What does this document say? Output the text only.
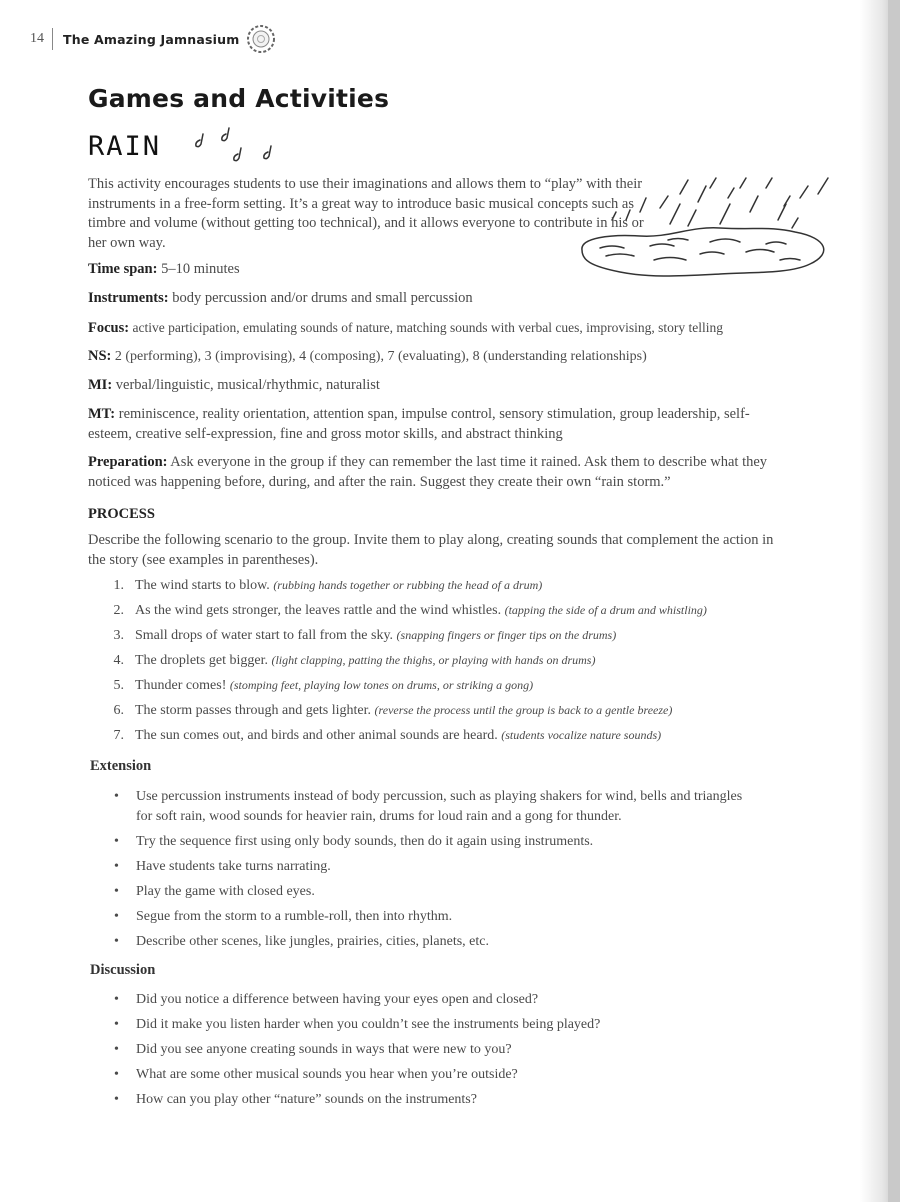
14 The Amazing Jamnasium
Games and Activities
RAIN
This activity encourages students to use their imaginations and allows them to “play” with their instruments in a free-form setting. It’s a great way to introduce basic musical concepts such as timbre and volume (without getting too technical), and it allows everyone to contribute in his or her own way.
Time span: 5–10 minutes
Instruments: body percussion and/or drums and small percussion
Focus: active participation, emulating sounds of nature, matching sounds with verbal cues, improvising, story telling
NS: 2 (performing), 3 (improvising), 4 (composing), 7 (evaluating), 8 (understanding relationships)
MI: verbal/linguistic, musical/rhythmic, naturalist
MT: reminiscence, reality orientation, attention span, impulse control, sensory stimulation, group leadership, self-esteem, creative self-expression, fine and gross motor skills, and abstract thinking
Preparation: Ask everyone in the group if they can remember the last time it rained. Ask them to describe what they noticed was happening before, during, and after the rain. Suggest they create their own “rain storm.”
PROCESS
Describe the following scenario to the group. Invite them to play along, creating sounds that complement the action in the story (see examples in parentheses).
1. The wind starts to blow. (rubbing hands together or rubbing the head of a drum)
2. As the wind gets stronger, the leaves rattle and the wind whistles. (tapping the side of a drum and whistling)
3. Small drops of water start to fall from the sky. (snapping fingers or finger tips on the drums)
4. The droplets get bigger. (light clapping, patting the thighs, or playing with hands on drums)
5. Thunder comes! (stomping feet, playing low tones on drums, or striking a gong)
6. The storm passes through and gets lighter. (reverse the process until the group is back to a gentle breeze)
7. The sun comes out, and birds and other animal sounds are heard. (students vocalize nature sounds)
Extension
• Use percussion instruments instead of body percussion, such as playing shakers for wind, bells and triangles for soft rain, wood sounds for heavier rain, drums for loud rain and a gong for thunder.
• Try the sequence first using only body sounds, then do it again using instruments.
• Have students take turns narrating.
• Play the game with closed eyes.
• Segue from the storm to a rumble-roll, then into rhythm.
• Describe other scenes, like jungles, prairies, cities, planets, etc.
Discussion
• Did you notice a difference between having your eyes open and closed?
• Did it make you listen harder when you couldn’t see the instruments being played?
• Did you see anyone creating sounds in ways that were new to you?
• What are some other musical sounds you hear when you’re outside?
• How can you play other “nature” sounds on the instruments?
